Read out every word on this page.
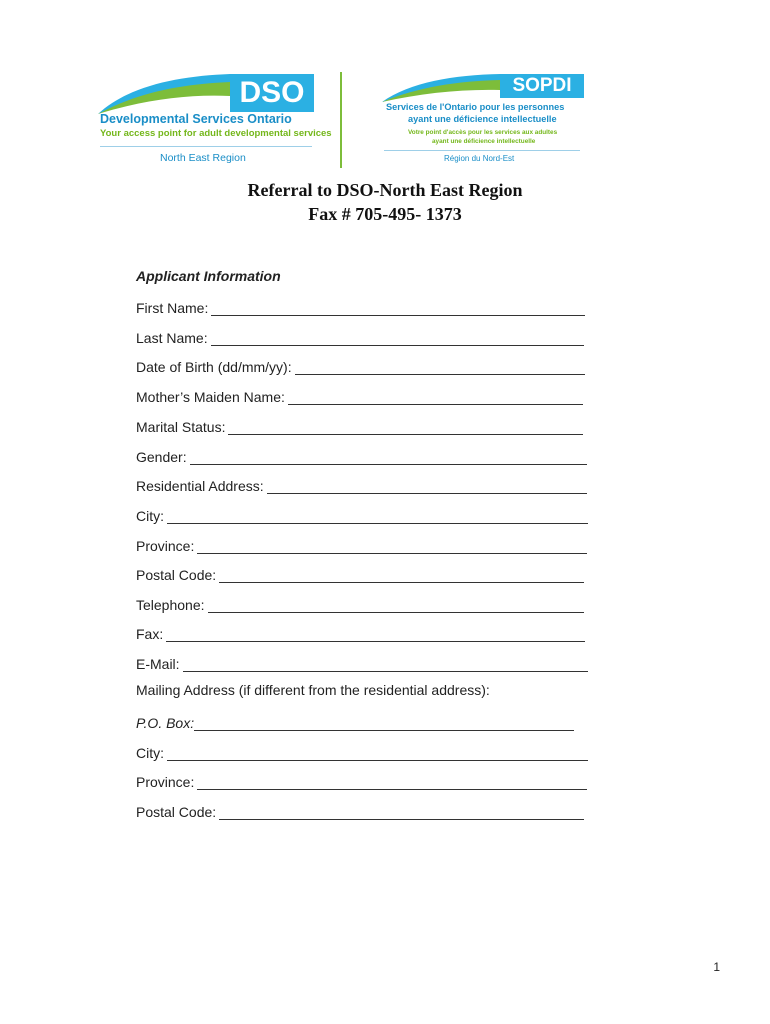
DSO
Developmental Services Ontario
Your access point for adult developmental services
North East Region
SOPDI
Services de l'Ontario pour les personnes
ayant une déficience intellectuelle
Votre point d'accès pour les services aux adultes
ayant une déficience intellectuelle
Région du Nord-Est
Referral to DSO-North East Region
Fax # 705-495- 1373
Applicant Information
First Name:
Last Name:
Date of Birth (dd/mm/yy):
Mother’s Maiden Name:
Marital Status:
Gender:
Residential Address:
City:
Province:
Postal Code:
Telephone:
Fax:
E-Mail:
Mailing Address (if different from the residential address):
P.O. Box:
City:
Province:
Postal Code:
1
